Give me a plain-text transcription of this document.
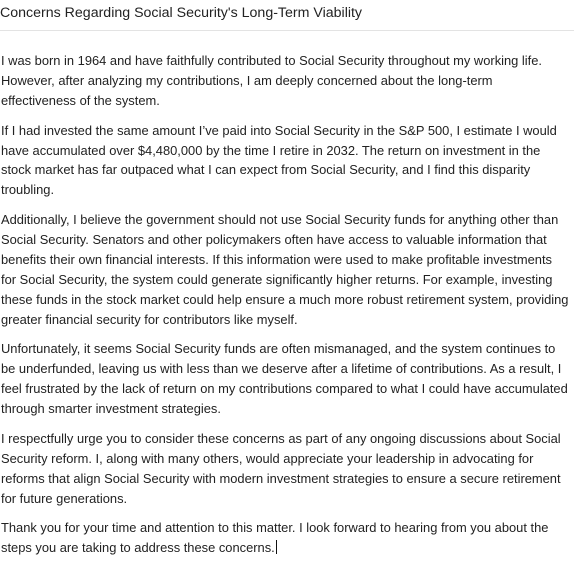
Concerns Regarding Social Security's Long-Term Viability

I was born in 1964 and have faithfully contributed to Social Security throughout my working life. However, after analyzing my contributions, I am deeply concerned about the long-term effectiveness of the system.

If I had invested the same amount I’ve paid into Social Security in the S&P 500, I estimate I would have accumulated over $4,480,000 by the time I retire in 2032. The return on investment in the stock market has far outpaced what I can expect from Social Security, and I find this disparity troubling.

Additionally, I believe the government should not use Social Security funds for anything other than Social Security. Senators and other policymakers often have access to valuable information that benefits their own financial interests. If this information were used to make profitable investments for Social Security, the system could generate significantly higher returns. For example, investing these funds in the stock market could help ensure a much more robust retirement system, providing greater financial security for contributors like myself.

Unfortunately, it seems Social Security funds are often mismanaged, and the system continues to be underfunded, leaving us with less than we deserve after a lifetime of contributions. As a result, I feel frustrated by the lack of return on my contributions compared to what I could have accumulated through smarter investment strategies.

I respectfully urge you to consider these concerns as part of any ongoing discussions about Social Security reform. I, along with many others, would appreciate your leadership in advocating for reforms that align Social Security with modern investment strategies to ensure a secure retirement for future generations.

Thank you for your time and attention to this matter. I look forward to hearing from you about the steps you are taking to address these concerns.
